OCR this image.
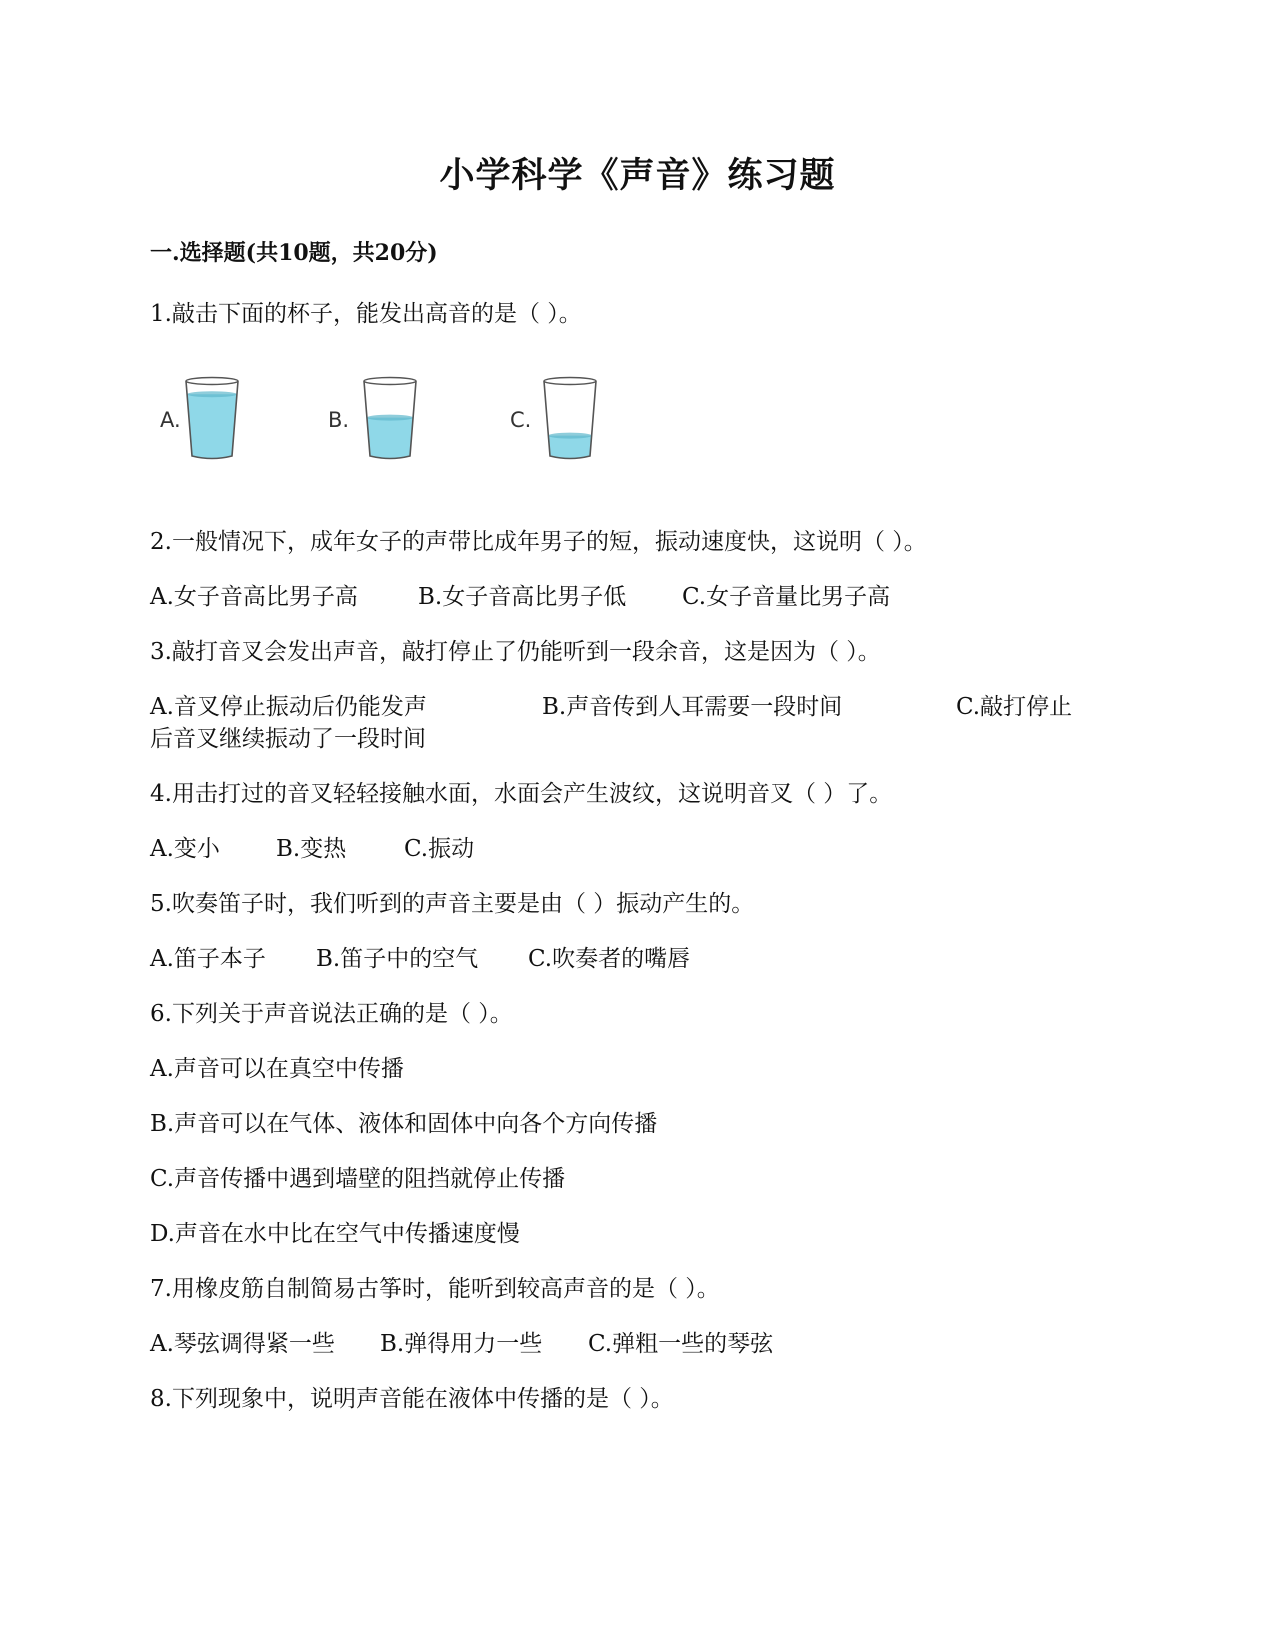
小学科学《声音》练习题
一.选择题(共10题，共20分)
1.敲击下面的杯子，能发出高音的是（ ）。
A.	B.	C.
2.一般情况下，成年女子的声带比成年男子的短，振动速度快，这说明（ ）。
A.女子音高比男子高	B.女子音高比男子低 C.女子音量比男子高
3.敲打音叉会发出声音，敲打停止了仍能听到一段余音，这是因为（ ）。
A.音叉停止振动后仍能发声	B.声音传到人耳需要一段时间	C.敲打停止
后音叉继续振动了一段时间
4.用击打过的音叉轻轻接触水面，水面会产生波纹，这说明音叉（ ）了。
A.变小 B.变热	C.振动
5.吹奏笛子时，我们听到的声音主要是由（ ）振动产生的。
A.笛子本子 B.笛子中的空气 C.吹奏者的嘴唇
6.下列关于声音说法正确的是（ ）。
A.声音可以在真空中传播
B.声音可以在气体、液体和固体中向各个方向传播
C.声音传播中遇到墙壁的阻挡就停止传播
D.声音在水中比在空气中传播速度慢
7.用橡皮筋自制简易古筝时，能听到较高声音的是（ ）。
A.琴弦调得紧一些 B.弹得用力一些 C.弹粗一些的琴弦
8.下列现象中，说明声音能在液体中传播的是（ ）。
